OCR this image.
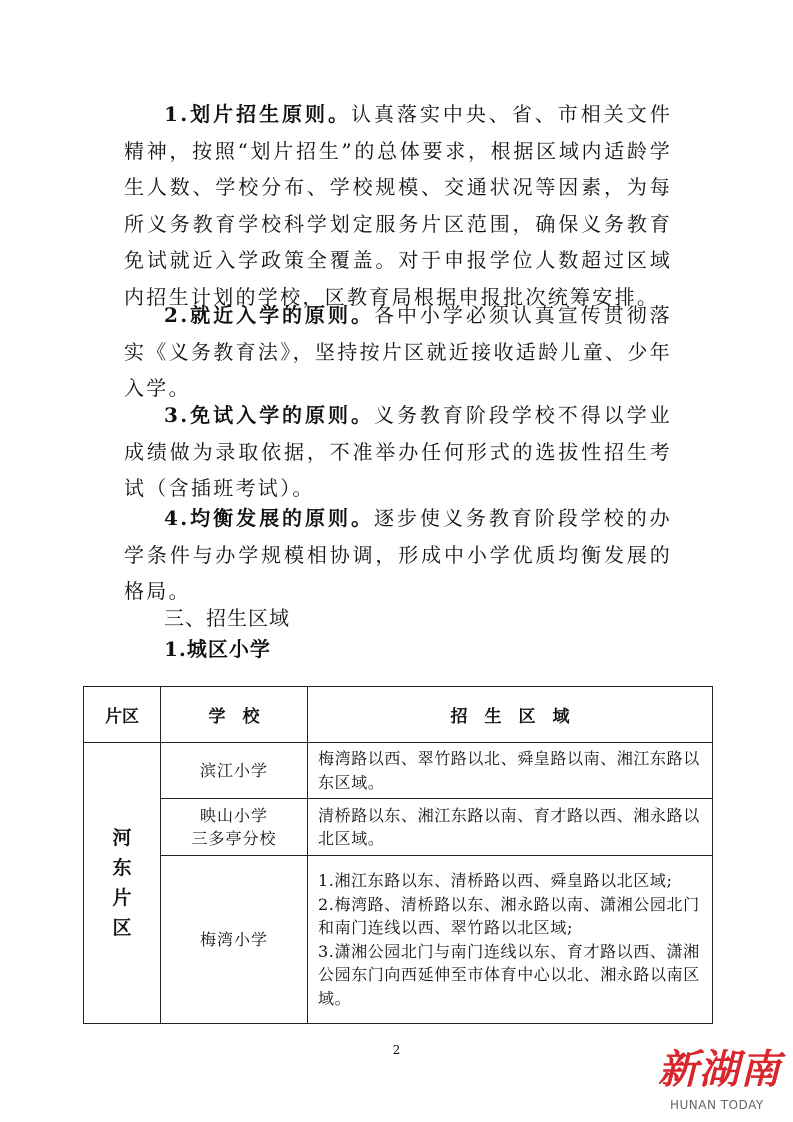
1.划片招生原则。认真落实中央、省、市相关文件精神，按照“划片招生”的总体要求，根据区域内适龄学生人数、学校分布、学校规模、交通状况等因素，为每所义务教育学校科学划定服务片区范围，确保义务教育免试就近入学政策全覆盖。对于申报学位人数超过区域内招生计划的学校，区教育局根据申报批次统筹安排。

2.就近入学的原则。各中小学必须认真宣传贯彻落实《义务教育法》，坚持按片区就近接收适龄儿童、少年入学。

3.免试入学的原则。义务教育阶段学校不得以学业成绩做为录取依据，不准举办任何形式的选拔性招生考试（含插班考试）。

4.均衡发展的原则。逐步使义务教育阶段学校的办学条件与办学规模相协调，形成中小学优质均衡发展的格局。

三、招生区域

1.城区小学

片区	学　校	招　生　区　域

河
东
片
区	滨江小学	梅湾路以西、翠竹路以北、舜皇路以南、湘江东路以东区域。

	映山小学
三多亭分校	清桥路以东、湘江东路以南、育才路以西、湘永路以北区域。

	梅湾小学	1.湘江东路以东、清桥路以西、舜皇路以北区域;
2.梅湾路、清桥路以东、湘永路以南、潇湘公园北门和南门连线以西、翠竹路以北区域;
3.潇湘公园北门与南门连线以东、育才路以西、潇湘公园东门向西延伸至市体育中心以北、湘永路以南区域。
2	新湖南
HUNAN TODAY
